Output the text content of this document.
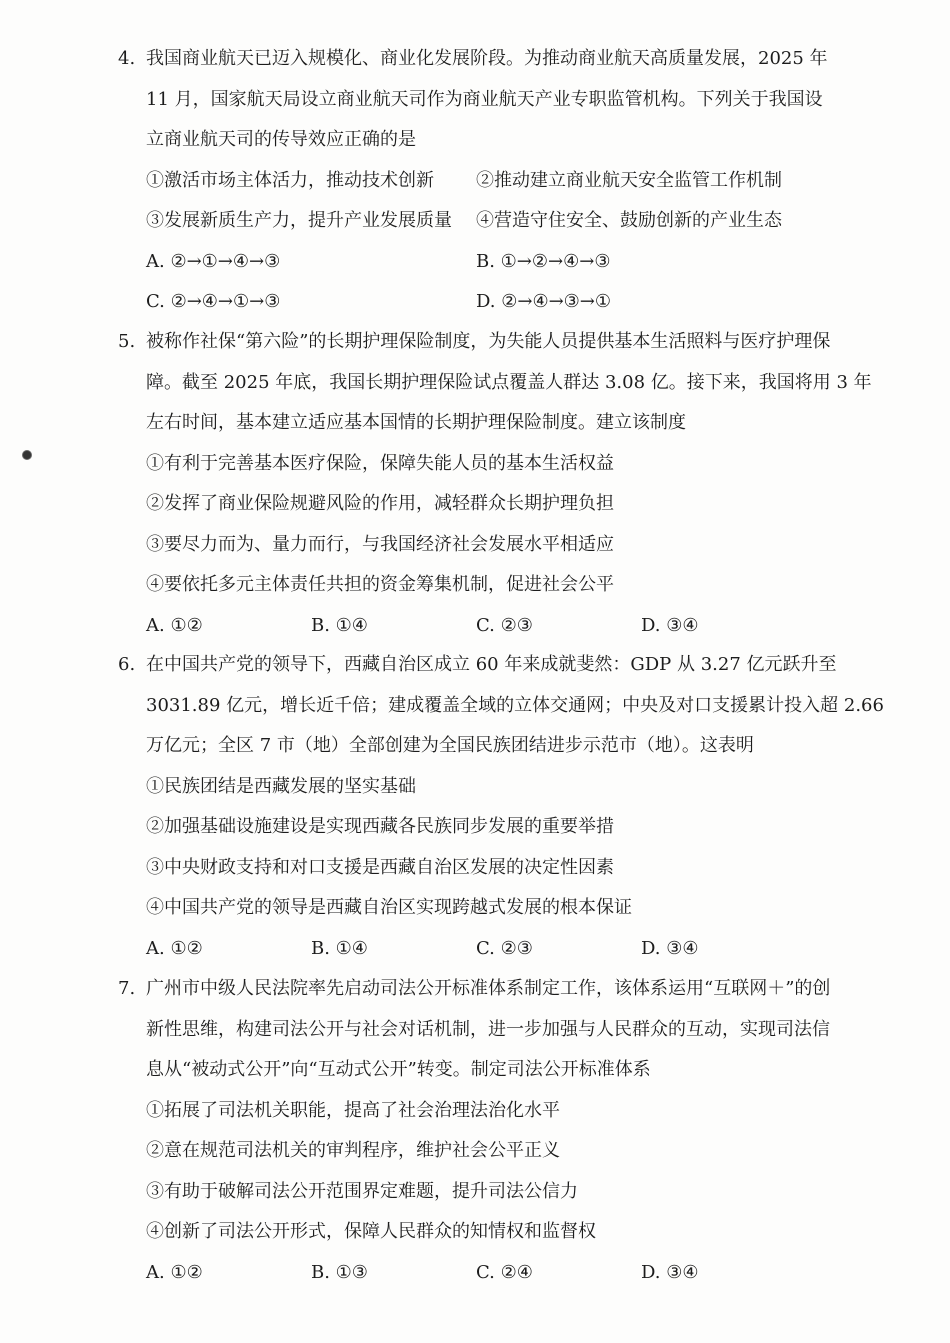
4. 我国商业航天已迈入规模化、商业化发展阶段。为推动商业航天高质量发展，2025 年
11 月，国家航天局设立商业航天司作为商业航天产业专职监管机构。下列关于我国设
立商业航天司的传导效应正确的是
①激活市场主体活力，推动技术创新	②推动建立商业航天安全监管工作机制
③发展新质生产力，提升产业发展质量	④营造守住安全、鼓励创新的产业生态
A. ②→①→④→③	B. ①→②→④→③
C. ②→④→①→③	D. ②→④→③→①
5. 被称作社保“第六险”的长期护理保险制度，为失能人员提供基本生活照料与医疗护理保
障。截至 2025 年底，我国长期护理保险试点覆盖人群达 3.08 亿。接下来，我国将用 3 年
左右时间，基本建立适应基本国情的长期护理保险制度。建立该制度
①有利于完善基本医疗保险，保障失能人员的基本生活权益
②发挥了商业保险规避风险的作用，减轻群众长期护理负担
③要尽力而为、量力而行，与我国经济社会发展水平相适应
④要依托多元主体责任共担的资金筹集机制，促进社会公平
A. ①②	B. ①④	C. ②③	D. ③④
6. 在中国共产党的领导下，西藏自治区成立 60 年来成就斐然：GDP 从 3.27 亿元跃升至
3031.89 亿元，增长近千倍；建成覆盖全域的立体交通网；中央及对口支援累计投入超 2.66
万亿元；全区 7 市（地）全部创建为全国民族团结进步示范市（地）。这表明
①民族团结是西藏发展的坚实基础
②加强基础设施建设是实现西藏各民族同步发展的重要举措
③中央财政支持和对口支援是西藏自治区发展的决定性因素
④中国共产党的领导是西藏自治区实现跨越式发展的根本保证
A. ①②	B. ①④	C. ②③	D. ③④
7. 广州市中级人民法院率先启动司法公开标准体系制定工作，该体系运用“互联网＋”的创
新性思维，构建司法公开与社会对话机制，进一步加强与人民群众的互动，实现司法信
息从“被动式公开”向“互动式公开”转变。制定司法公开标准体系
①拓展了司法机关职能，提高了社会治理法治化水平
②意在规范司法机关的审判程序，维护社会公平正义
③有助于破解司法公开范围界定难题，提升司法公信力
④创新了司法公开形式，保障人民群众的知情权和监督权
A. ①②	B. ①③	C. ②④	D. ③④
